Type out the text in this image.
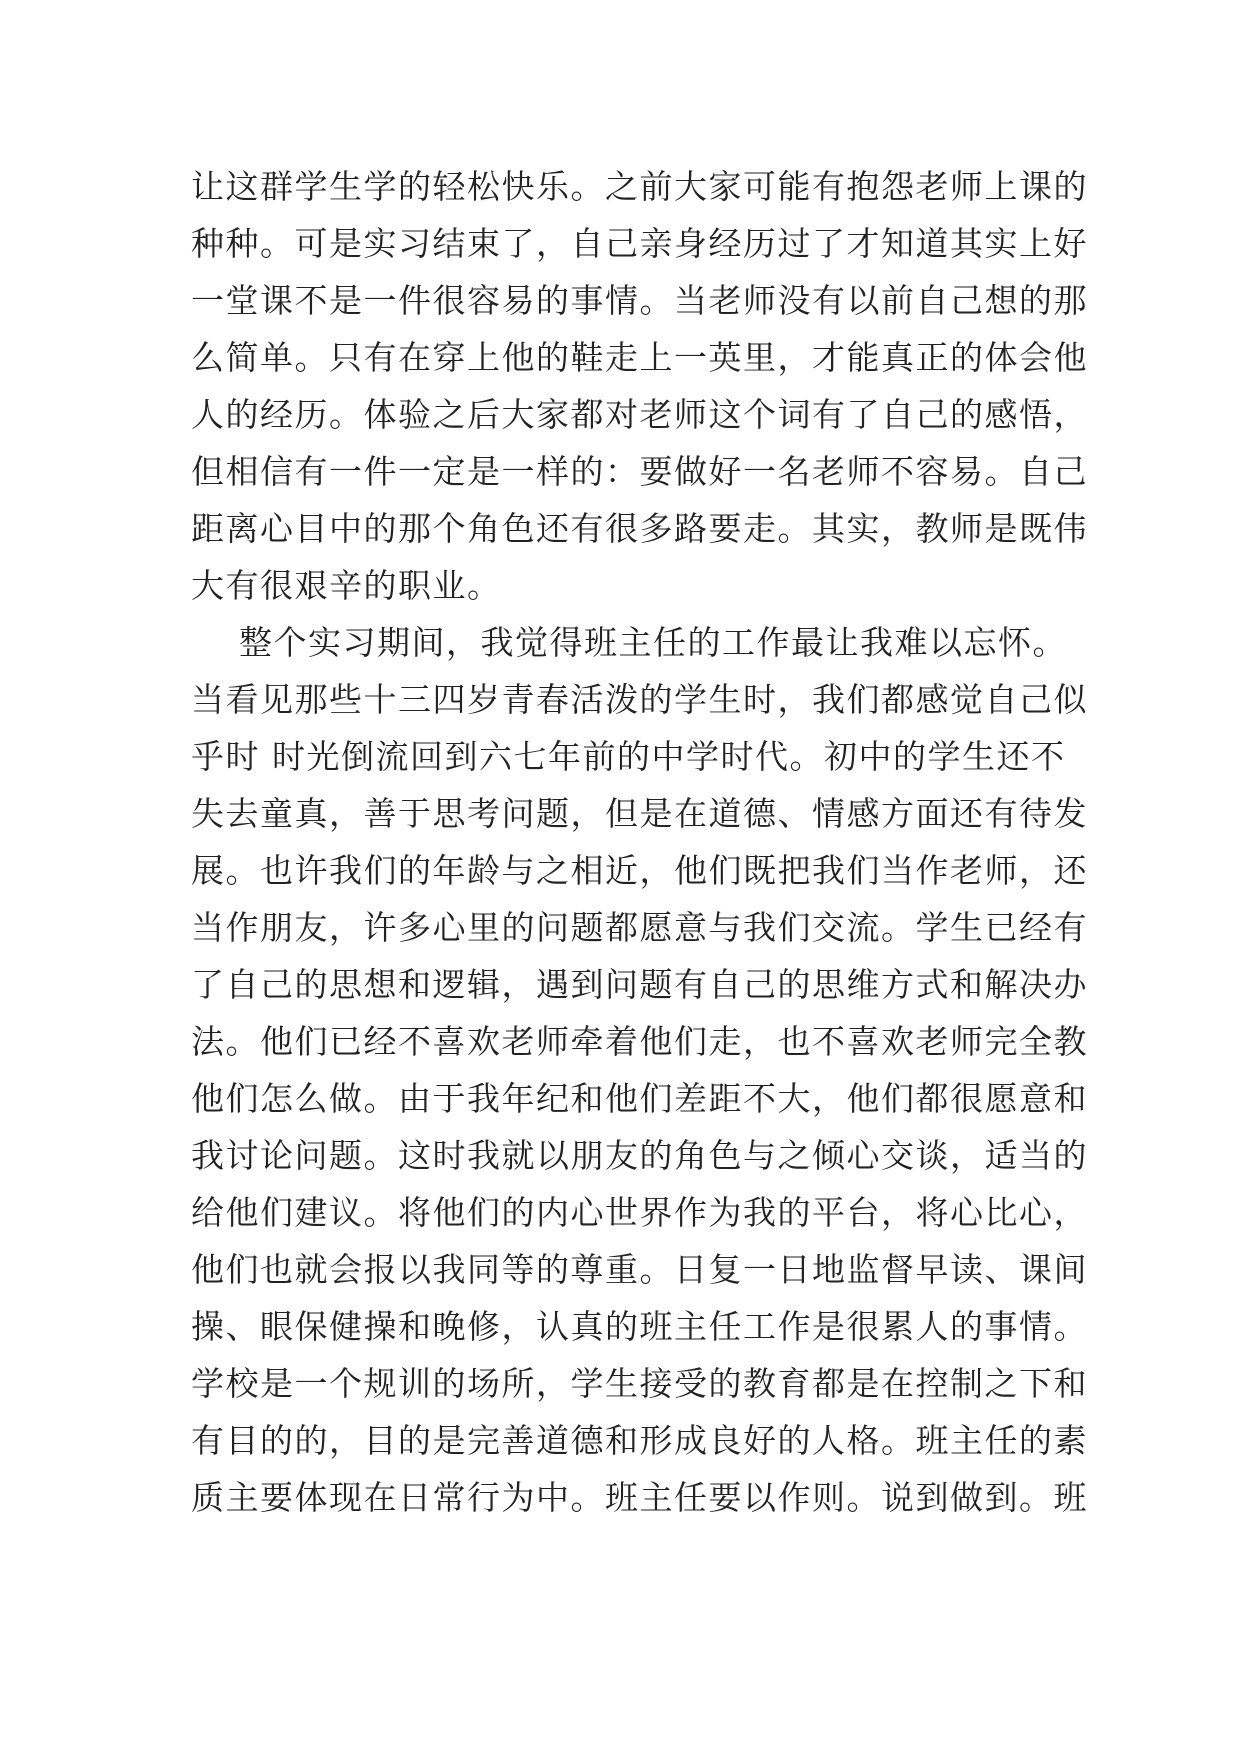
让这群学生学的轻松快乐。之前大家可能有抱怨老师上课的
种种。可是实习结束了，自己亲身经历过了才知道其实上好
一堂课不是一件很容易的事情。当老师没有以前自己想的那
么简单。只有在穿上他的鞋走上一英里，才能真正的体会他
人的经历。体验之后大家都对老师这个词有了自己的感悟，
但相信有一件一定是一样的：要做好一名老师不容易。自己
距离心目中的那个角色还有很多路要走。其实，教师是既伟
大有很艰辛的职业。
整个实习期间，我觉得班主任的工作最让我难以忘怀。
当看见那些十三四岁青春活泼的学生时，我们都感觉自己似
乎时 时光倒流回到六七年前的中学时代。初中的学生还不
失去童真，善于思考问题，但是在道德、情感方面还有待发
展。也许我们的年龄与之相近，他们既把我们当作老师，还
当作朋友，许多心里的问题都愿意与我们交流。学生已经有
了自己的思想和逻辑，遇到问题有自己的思维方式和解决办
法。他们已经不喜欢老师牵着他们走，也不喜欢老师完全教
他们怎么做。由于我年纪和他们差距不大，他们都很愿意和
我讨论问题。这时我就以朋友的角色与之倾心交谈，适当的
给他们建议。将他们的内心世界作为我的平台，将心比心，
他们也就会报以我同等的尊重。日复一日地监督早读、课间
操、眼保健操和晚修，认真的班主任工作是很累人的事情。
学校是一个规训的场所，学生接受的教育都是在控制之下和
有目的的，目的是完善道德和形成良好的人格。班主任的素
质主要体现在日常行为中。班主任要以作则。说到做到。班
